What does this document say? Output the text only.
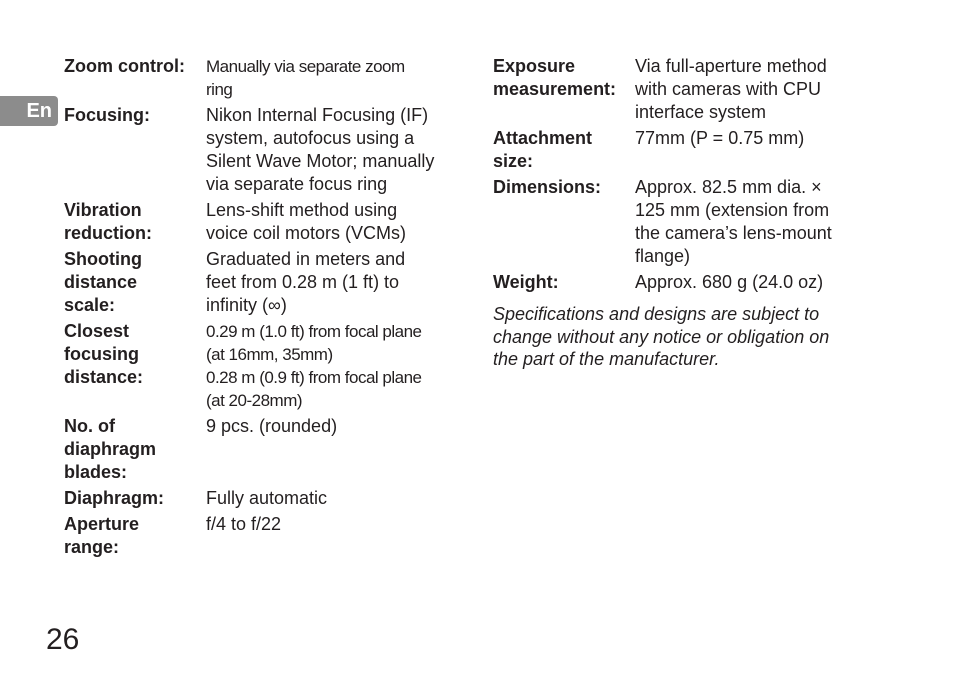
En
Zoom control:	Manually via separate zoom
ring
Focusing:	Nikon Internal Focusing (IF)
system, autofocus using a
Silent Wave Motor; manually
via separate focus ring
Vibration reduction:
Lens-shift method using
voice coil motors (VCMs)
Shooting distance scale:
Graduated in meters and
feet from 0.28 m (1 ft) to
infinity (∞)
Closest focusing distance:
0.29 m (1.0 ft) from focal plane
(at 16mm, 35mm)
0.28 m (0.9 ft) from focal plane
(at 20-28mm)
No. of diaphragm blades:
9 pcs. (rounded)
Diaphragm:	Fully automatic
Aperture range:
f/4 to f/22
Exposure measurement:
Via full-aperture method
with cameras with CPU
interface system
Attachment size:
77mm (P = 0.75 mm)
Dimensions:	Approx. 82.5 mm dia. ×
125 mm (extension from
the camera’s lens-mount
flange)
Weight:	Approx. 680 g (24.0 oz)
Specifications and designs are subject to
change without any notice or obligation on
the part of the manufacturer.
26
